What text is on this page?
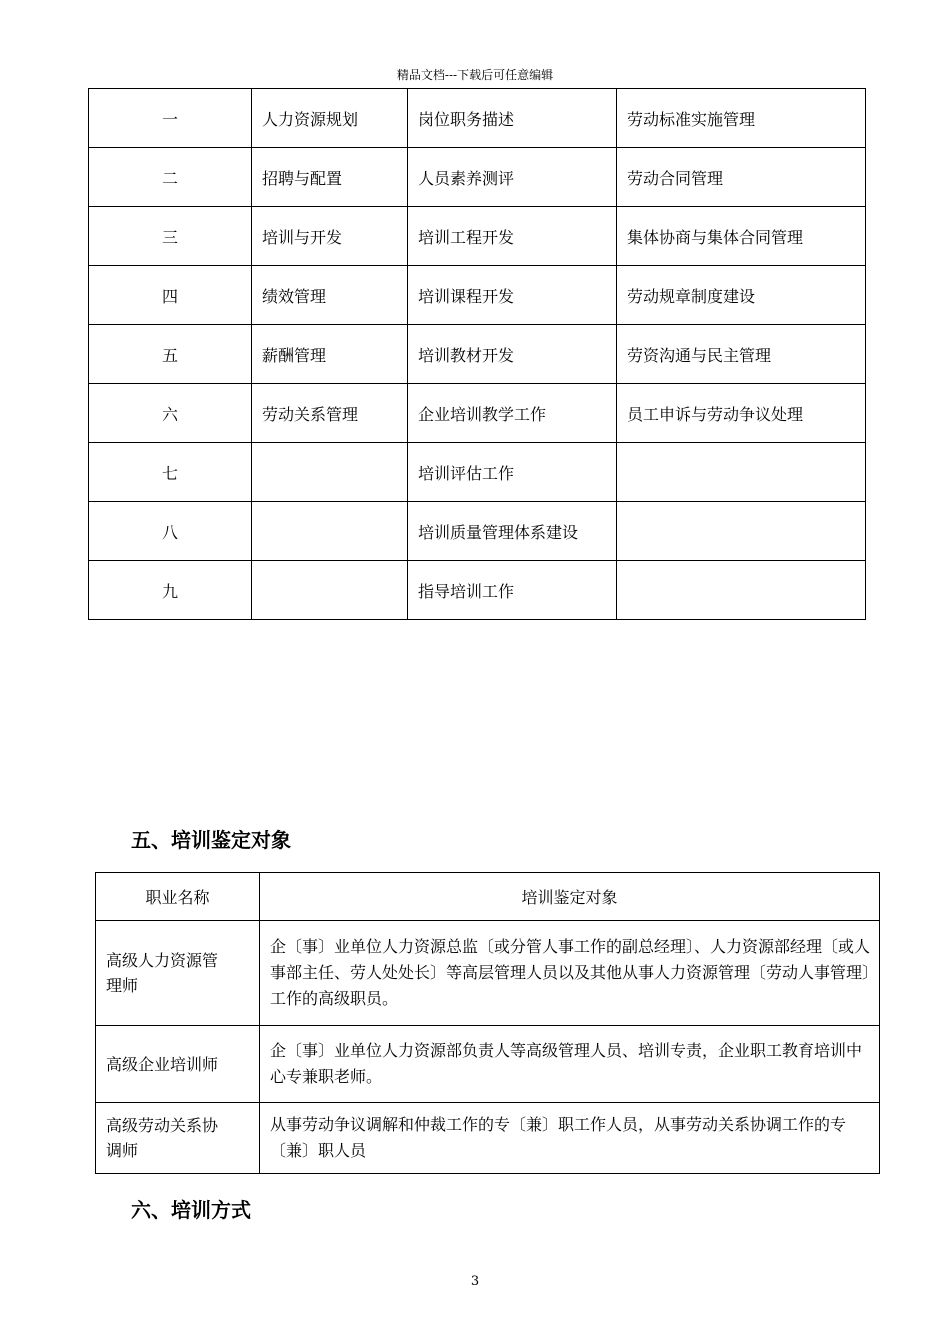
精品文档---下载后可任意编辑
一	人力资源规划	岗位职务描述	劳动标准实施管理
二	招聘与配置	人员素养测评	劳动合同管理
三	培训与开发	培训工程开发	集体协商与集体合同管理
四	绩效管理	培训课程开发	劳动规章制度建设
五	薪酬管理	培训教材开发	劳资沟通与民主管理
六	劳动关系管理	企业培训教学工作	员工申诉与劳动争议处理
七		培训评估工作	
八		培训质量管理体系建设	
九		指导培训工作	
五、培训鉴定对象
职业名称	培训鉴定对象

高级人力资源管理师	企〔事〕业单位人力资源总监〔或分管人事工作的副总经理〕、人力资源部经理〔或人事部主任、劳人处处长〕等高层管理人员以及其他从事人力资源管理〔劳动人事管理〕工作的高级职员。
高级企业培训师	企〔事〕业单位人力资源部负责人等高级管理人员、培训专责，企业职工教育培训中心专兼职老师。

高级劳动关系协调师	从事劳动争议调解和仲裁工作的专〔兼〕职工作人员，从事劳动关系协调工作的专〔兼〕职人员
六、培训方式
3
